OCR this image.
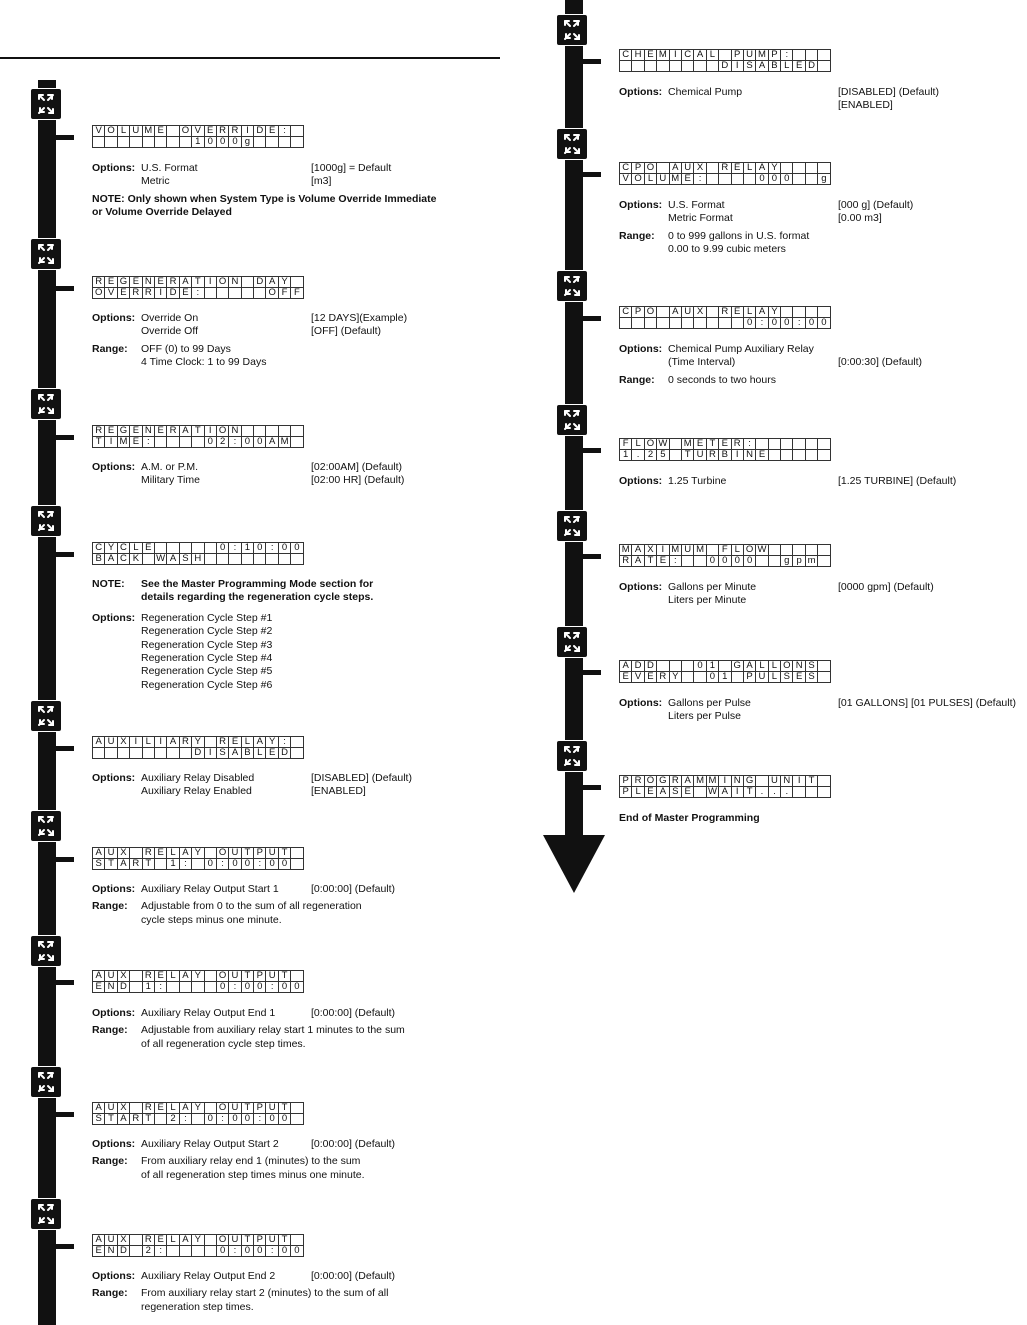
V	O	L	U	M	E		O	V	E	R	R	I	D	E	:	
								1	0	0	0	g				
Options: U.S. Format	[1000g] = Default
Metric	[m3]
NOTE: Only shown when System Type is Volume Override Immediate
or Volume Override Delayed
R	E	G	E	N	E	R	A	T	I	O	N		D	A	Y	
O	V	E	R	R	I	D	E	:						O	F	F
Options: Override On	[12 DAYS](Example)
Override Off	[OFF] (Default)
Range: OFF (0) to 99 Days
4 Time Clock: 1 to 99 Days
R	E	G	E	N	E	R	A	T	I	O	N					
T	I	M	E	:					0	2	:	0	0	A	M	
Options: A.M. or P.M.	[02:00AM] (Default)
Military Time	[02:00 HR] (Default)
C	Y	C	L	E						0	:	1	0	:	0	0
B	A	C	K		W	A	S	H								
NOTE: See the Master Programming Mode section for
details regarding the regeneration cycle steps.
Options: Regeneration Cycle Step #1
Regeneration Cycle Step #2
Regeneration Cycle Step #3
Regeneration Cycle Step #4
Regeneration Cycle Step #5
Regeneration Cycle Step #6
A	U	X	I	L	I	A	R	Y		R	E	L	A	Y	:	
								D	I	S	A	B	L	E	D	
Options: Auxiliary Relay Disabled	[DISABLED] (Default)
Auxiliary Relay Enabled	[ENABLED]
A	U	X		R	E	L	A	Y		O	U	T	P	U	T	
S	T	A	R	T		1	:		0	:	0	0	:	0	0	
Options: Auxiliary Relay Output Start 1	[0:00:00] (Default)
Range: Adjustable from 0 to the sum of all regeneration
cycle steps minus one minute.
A	U	X		R	E	L	A	Y		O	U	T	P	U	T	
E	N	D		1	:					0	:	0	0	:	0	0
Options: Auxiliary Relay Output End 1	[0:00:00] (Default)
Range: Adjustable from auxiliary relay start 1 minutes to the sum
of all regeneration cycle step times.
A	U	X		R	E	L	A	Y		O	U	T	P	U	T	
S	T	A	R	T		2	:		0	:	0	0	:	0	0	
Options: Auxiliary Relay Output Start 2	[0:00:00] (Default)
Range: From auxiliary relay end 1 (minutes) to the sum
of all regeneration step times minus one minute.
A	U	X		R	E	L	A	Y		O	U	T	P	U	T	
E	N	D		2	:					0	:	0	0	:	0	0
Options: Auxiliary Relay Output End 2	[0:00:00] (Default)
Range: From auxiliary relay start 2 (minutes) to the sum of all
regeneration step times.
C	H	E	M	I	C	A	L		P	U	M	P	:			
								D	I	S	A	B	L	E	D	
Options: Chemical Pump	[DISABLED] (Default)
[ENABLED]
C	P	O		A	U	X		R	E	L	A	Y				
V	O	L	U	M	E	:					0	0	0			g
Options: U.S. Format	[000 g] (Default)
Metric Format	[0.00 m3]
Range: 0 to 999 gallons in U.S. format
0.00 to 9.99 cubic meters
C	P	O		A	U	X		R	E	L	A	Y				
										0	:	0	0	:	0	0
Options: Chemical Pump Auxiliary Relay
(Time Interval)	[0:00:30] (Default)
Range: 0 seconds to two hours
F	L	O	W		M	E	T	E	R	:						
1	.	2	5		T	U	R	B	I	N	E					
Options: 1.25 Turbine	[1.25 TURBINE] (Default)
M	A	X	I	M	U	M		F	L	O	W					
R	A	T	E	:			0	0	0	0			g	p	m	
Options: Gallons per Minute	[0000 gpm] (Default)
Liters per Minute
A	D	D				0	1		G	A	L	L	O	N	S	
E	V	E	R	Y			0	1		P	U	L	S	E	S	
Options: Gallons per Pulse	[01 GALLONS] [01 PULSES] (Default)
Liters per Pulse
P	R	O	G	R	A	M	M	I	N	G		U	N	I	T	
P	L	E	A	S	E		W	A	I	T	.	.	.			
End of Master Programming
